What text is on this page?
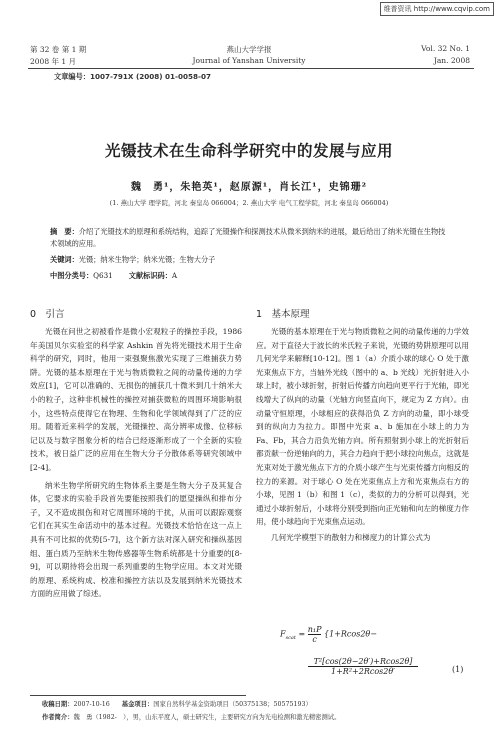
维普资讯 http://www.cqvip.com
第 32 卷 第 1 期
2008 年 1 月
燕山大学学报
Journal of Yanshan University
Vol. 32 No. 1
Jan. 2008
文章编号：1007-791X (2008) 01-0058-07
光镊技术在生命科学研究中的发展与应用
魏　勇¹，朱艳英¹，赵原源¹，肖长江¹，史锦珊²
(1. 燕山大学 理学院，河北 秦皇岛 066004；2. 燕山大学 电气工程学院，河北 秦皇岛 066004)
摘　要：介绍了光镊技术的原理和系统结构，追踪了光镊操作和探测技术从微米到纳米的进展，最后给出了纳米光镊在生物技术领域的应用。
关键词：光镊；纳米生物学；纳米光镊；生物大分子
中图分类号：Q631 文献标识码：A
0　引言

光镊在问世之初被看作是微小宏观粒子的操控手段，1986 年美国贝尔实验室的科学家 Ashkin 首先将光镊技术用于生命科学的研究，同时，他用一束强聚焦激光实现了三维捕获力势阱。光镊的基本原理在于光与物质微粒之间的动量传递的力学效应[1]，它可以准确的、无损伤的捕获几十微米到几十纳米大小的粒子，这种非机械性的操控对捕获微粒的周围环境影响很小，这些特点使得它在物理、生物和化学领域得到了广泛的应用。随着近来科学的发展，光镊操控、高分辨率成像、位移标记以及与数字图象分析的结合已经逐渐形成了一个全新的实验技术，被日益广泛的应用在生物大分子分散体系等研究领域中[2-4]。

纳米生物学所研究的生物体系主要是生物大分子及其复合体，它要求的实验手段首先要能按照我们的愿望操纵和排布分子，又不造成损伤和对它周围环境的干扰，从而可以跟踪观察它们在其实生命活动中的基本过程。光镊技术恰恰在这一点上具有不可比拟的优势[5-7]，这个新方法对深入研究和操纵基因组、蛋白质乃至纳米生物传感器等生物系统都是十分重要的[8-9]，可以期待将会出现一系列重要的生物学应用。本文对光镊的原理、系统构成、校准和操控方法以及发展到纳米光镊技术方面的应用做了综述。

1　基本原理

光镊的基本原理在于光与物质微粒之间的动量传递的力学效应。对于直径大于波长的米氏粒子来说，光镊的势阱原理可以用几何光学来解释[10-12]。图 1（a）介质小球的球心 O 处于激光束焦点下方，当轴外光线（图中的 a、b 光线）光折射进入小球上时，被小球折射，折射后传播方向趋向更平行于光轴，即光线增大了纵向的动量（光轴方向竖直向下，规定为 Z 方向）。由动量守恒原理，小球相应的获得沿负 Z 方向的动量，即小球受到的纵向力为拉力。即图中光束 a、b 施加在小球上的力为 Fa、Fb，其合力沿负光轴方向。所有照射到小球上的光折射后都贡献一份逆轴向的力，其合力趋向于把小球拉向焦点，这就是光束对处于激光焦点下方的介质小球产生与光束传播方向相反的拉力的来源。对于球心 O 处在光束焦点上方和光束焦点右方的小球，见图 1（b）和图 1（c），类似的力的分析可以得到，光通过小球折射后，小球将分别受到指向正光轴和向左的梯度力作用，使小球趋向于光束焦点运动。

几何光学模型下的散射力和梯度力的计算公式为

$F_{scat} = \frac{\text{n₁P}}{c} \{1+Rcos2\theta-$
$\frac{\text{T²[cos(2θ−2θ′)+Rcos2θ]}}{\text{1+R²+2Rcos2θ′}}$	(1)
收稿日期：2007-10-16 基金项目：国家自然科学基金资助项目（50375138；50575193）
作者简介：魏　勇（1982-　），男，山东平度人，硕士研究生，主要研究方向为光电检测和激光精密测试。
